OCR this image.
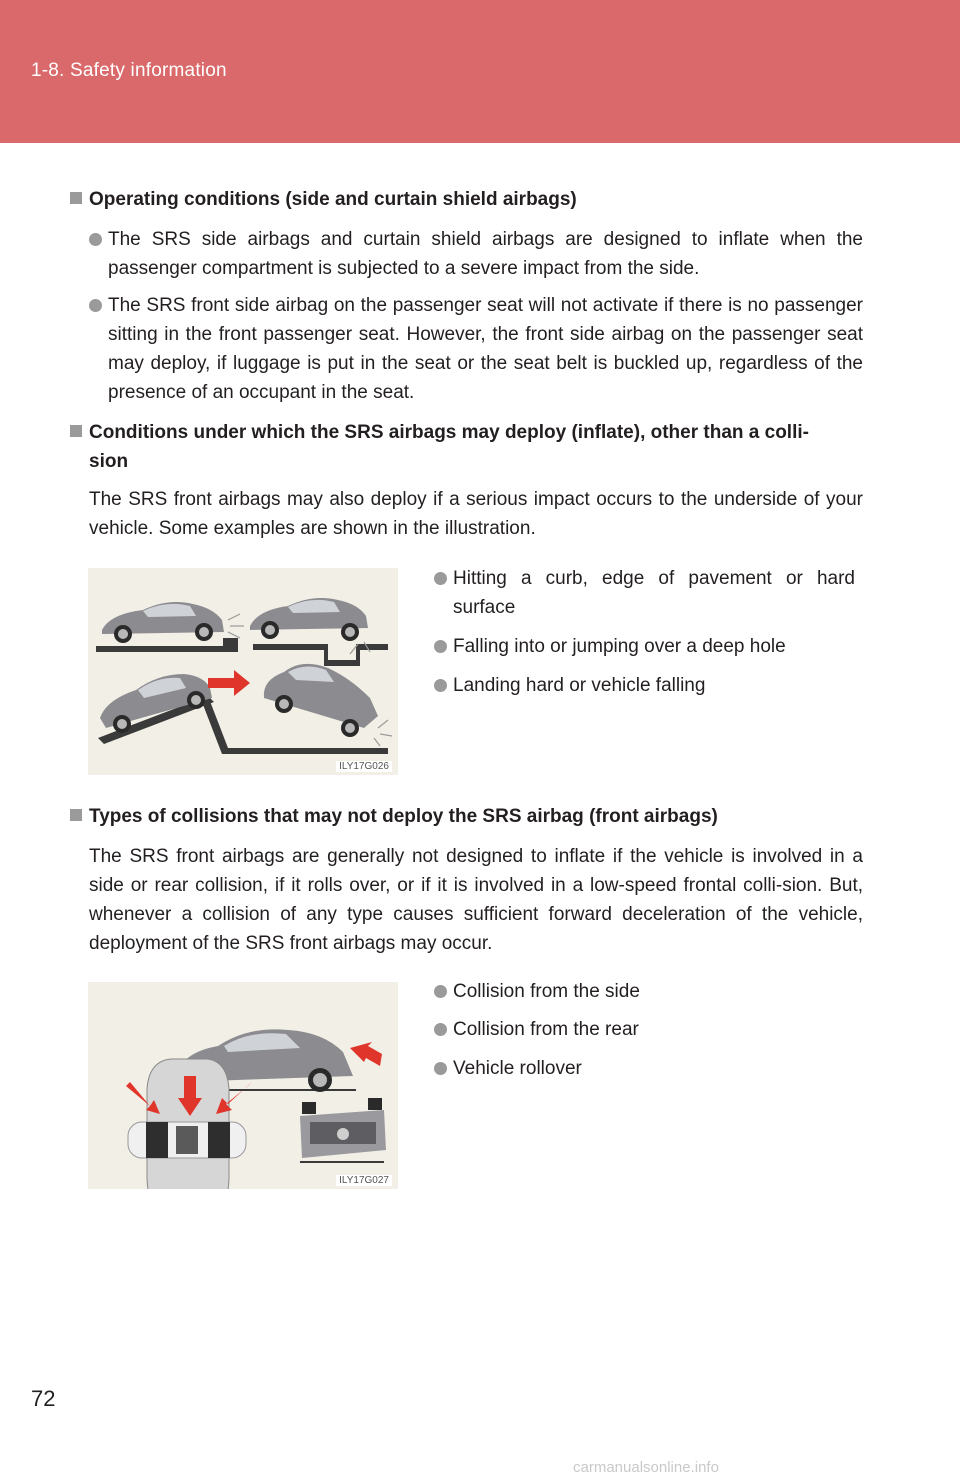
1-8. Safety information
Operating conditions (side and curtain shield airbags)
The SRS side airbags and curtain shield airbags are designed to inflate when the passenger compartment is subjected to a severe impact from the side.
The SRS front side airbag on the passenger seat will not activate if there is no passenger sitting in the front passenger seat. However, the front side airbag on the passenger seat may deploy, if luggage is put in the seat or the seat belt is buckled up, regardless of the presence of an occupant in the seat.
Conditions under which the SRS airbags may deploy (inflate), other than a colli-
sion
The SRS front airbags may also deploy if a serious impact occurs to the underside of your vehicle. Some examples are shown in the illustration.
ILY17G026
Hitting a curb, edge of pavement or hard surface
Falling into or jumping over a deep hole
Landing hard or vehicle falling
Types of collisions that may not deploy the SRS airbag (front airbags)
The SRS front airbags are generally not designed to inflate if the vehicle is involved in a side or rear collision, if it rolls over, or if it is involved in a low-speed frontal colli-sion. But, whenever a collision of any type causes sufficient forward deceleration of the vehicle, deployment of the SRS front airbags may occur.
ILY17G027
Collision from the side
Collision from the rear
Vehicle rollover
72
carmanualsonline.info
